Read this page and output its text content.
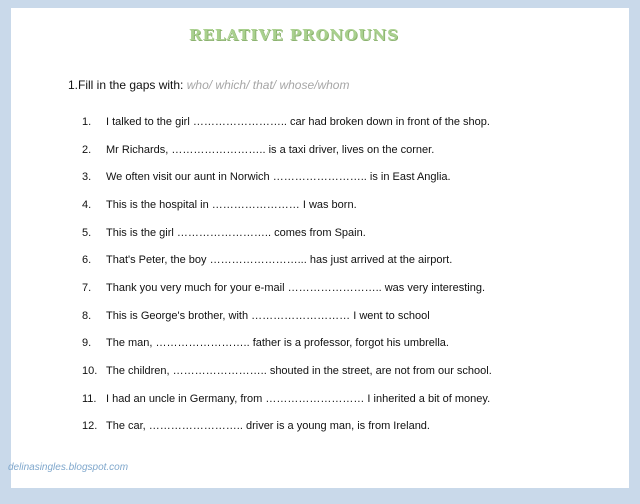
RELATIVE PRONOUNS
1.Fill in the gaps with: who/ which/ that/ whose/whom
1. I talked to the girl …………………….. car had broken down in front of the shop.
2. Mr Richards, …………………….. is a taxi driver, lives on the corner.
3. We often visit our aunt in Norwich …………………….. is in East Anglia.
4. This is the hospital in …………………… I was born.
5. This is the girl …………………….. comes from Spain.
6. That's Peter, the boy ……………………... has just arrived at the airport.
7. Thank you very much for your e-mail …………………….. was very interesting.
8. This is George's brother, with ……………………… I went to school
9. The man, …………………….. father is a professor, forgot his umbrella.
10. The children, …………………….. shouted in the street, are not from our school.
11. I had an uncle in Germany, from ……………………… I inherited a bit of money.
12. The car, …………………….. driver is a young man, is from Ireland.
delinasingles.blogspot.com
